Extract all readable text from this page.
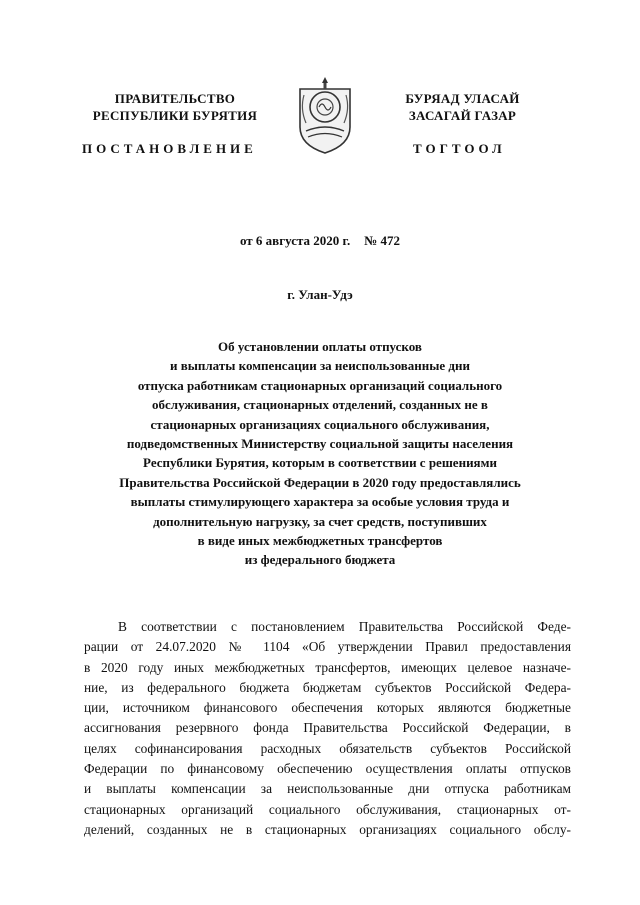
ПРАВИТЕЛЬСТВО
РЕСПУБЛИКИ БУРЯТИЯ
БУРЯАД УЛАСАЙ
ЗАСАГАЙ ГАЗАР
ПОСТАНОВЛЕНИЕ	ТОГТООЛ
от 6 августа 2020 г. № 472
г. Улан-Удэ
Об установлении оплаты отпусков
и выплаты компенсации за неиспользованные дни
отпуска работникам стационарных организаций социального
обслуживания, стационарных отделений, созданных не в
стационарных организациях социального обслуживания,
подведомственных Министерству социальной защиты населения
Республики Бурятия, которым в соответствии с решениями
Правительства Российской Федерации в 2020 году предоставлялись
выплаты стимулирующего характера за особые условия труда и
дополнительную нагрузку, за счет средств, поступивших
в виде иных межбюджетных трансфертов
из федерального бюджета
В соответствии с постановлением Правительства Российской Феде-
рации от 24.07.2020 № 1104 «Об утверждении Правил предоставления
в 2020 году иных межбюджетных трансфертов, имеющих целевое назначе-
ние, из федерального бюджета бюджетам субъектов Российской Федера-
ции, источником финансового обеспечения которых являются бюджетные
ассигнования резервного фонда Правительства Российской Федерации, в
целях софинансирования расходных обязательств субъектов Российской
Федерации по финансовому обеспечению осуществления оплаты отпусков
и выплаты компенсации за неиспользованные дни отпуска работникам
стационарных организаций социального обслуживания, стационарных от-
делений, созданных не в стационарных организациях социального обслу-
